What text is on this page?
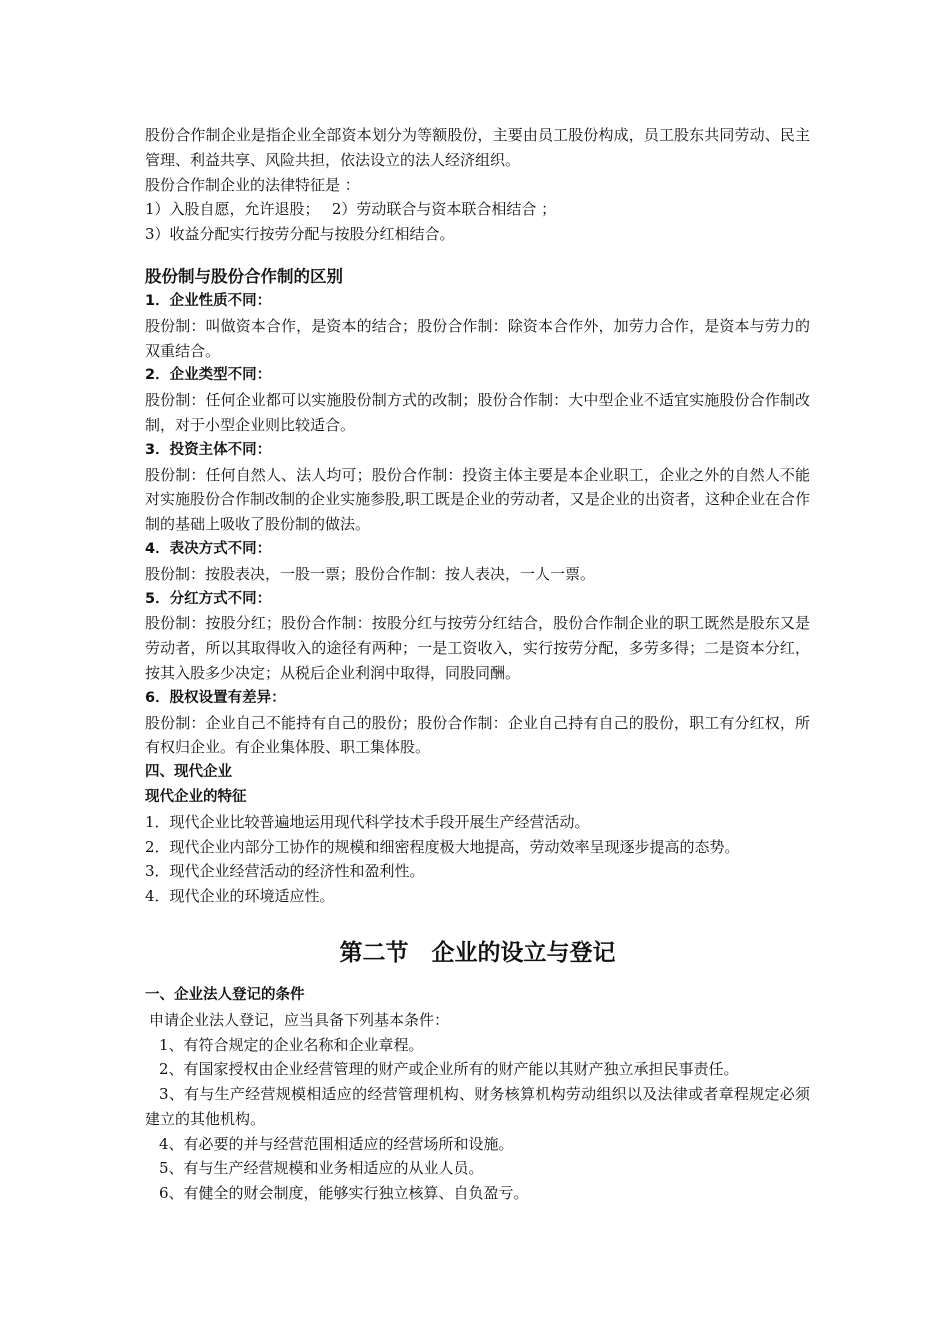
股份合作制企业是指企业全部资本划分为等额股份，主要由员工股份构成，员工股东共同劳动、民主管理、利益共享、风险共担，依法设立的法人经济组织。

股份合作制企业的法律特征是 ：

1）入股自愿，允许退股；　 2）劳动联合与资本联合相结合 ；

3）收益分配实行按劳分配与按股分红相结合。

股份制与股份合作制的区别
1．企业性质不同：

股份制：叫做资本合作，是资本的结合；股份合作制：除资本合作外，加劳力合作，是资本与劳力的双重结合。

2．企业类型不同：

股份制：任何企业都可以实施股份制方式的改制；股份合作制：大中型企业不适宜实施股份合作制改制，对于小型企业则比较适合。

3．投资主体不同：

股份制：任何自然人、法人均可；股份合作制：投资主体主要是本企业职工，企业之外的自然人不能对实施股份合作制改制的企业实施参股,职工既是企业的劳动者，又是企业的出资者，这种企业在合作制的基础上吸收了股份制的做法。

4．表决方式不同：

股份制：按股表决，一股一票；股份合作制：按人表决，一人一票。

5．分红方式不同：

股份制：按股分红；股份合作制：按股分红与按劳分红结合，股份合作制企业的职工既然是股东又是劳动者，所以其取得收入的途径有两种；一是工资收入，实行按劳分配，多劳多得；二是资本分红，按其入股多少决定；从税后企业利润中取得，同股同酬。

6．股权设置有差异：

股份制：企业自己不能持有自己的股份；股份合作制：企业自己持有自己的股份，职工有分红权，所有权归企业。有企业集体股、职工集体股。

四、现代企业
现代企业的特征

1．现代企业比较普遍地运用现代科学技术手段开展生产经营活动。

2．现代企业内部分工协作的规模和细密程度极大地提高，劳动效率呈现逐步提高的态势。

3．现代企业经营活动的经济性和盈利性。

4．现代企业的环境适应性。

第二节　企业的设立与登记
一、企业法人登记的条件

申请企业法人登记，应当具备下列基本条件：

1、有符合规定的企业名称和企业章程。

2、有国家授权由企业经营管理的财产或企业所有的财产能以其财产独立承担民事责任。

3、有与生产经营规模相适应的经营管理机构、财务核算机构劳动组织以及法律或者章程规定必须建立的其他机构。

4、有必要的并与经营范围相适应的经营场所和设施。

5、有与生产经营规模和业务相适应的从业人员。

6、有健全的财会制度，能够实行独立核算、自负盈亏。
